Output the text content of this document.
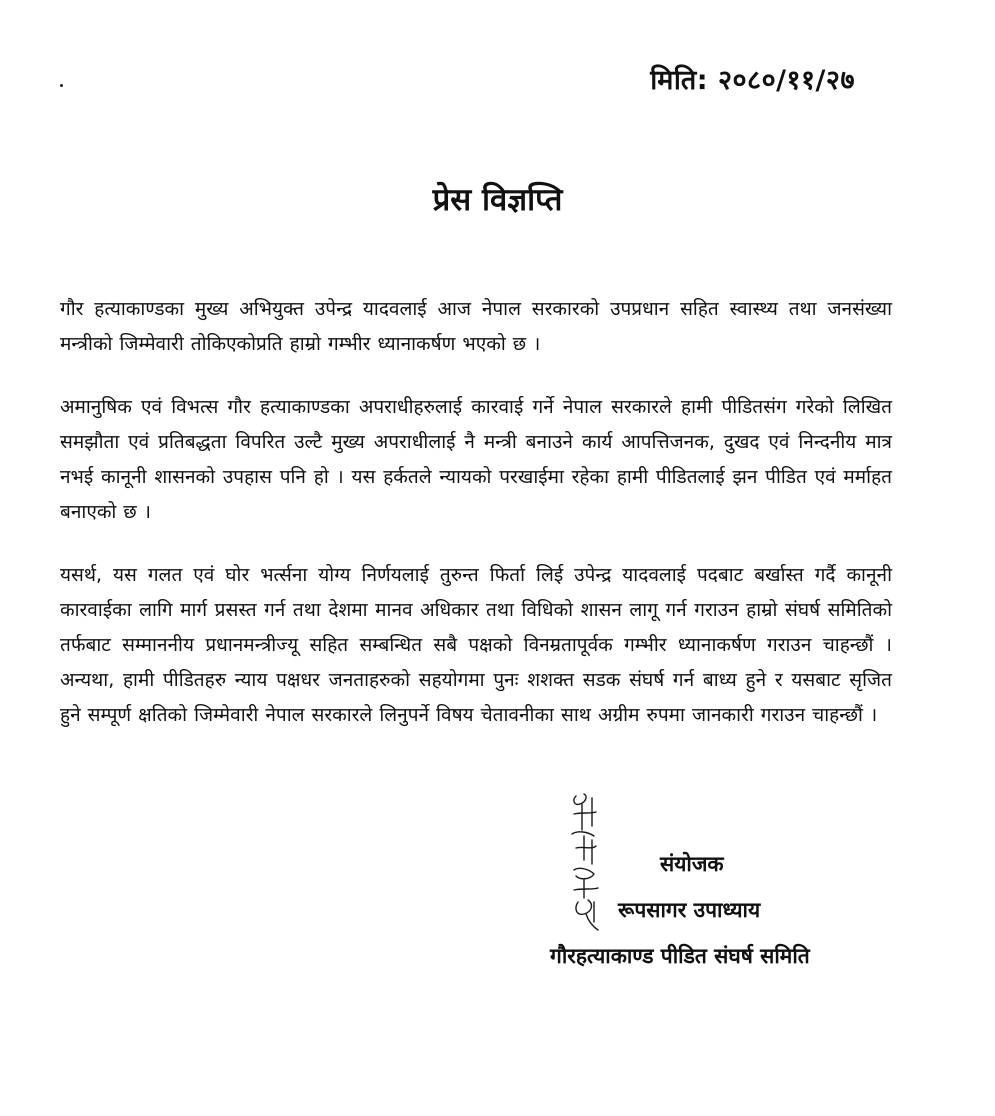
मिति: २०८०/११/२७
प्रेस विज्ञप्ति

गौर हत्याकाण्डका मुख्य अभियुक्त उपेन्द्र यादवलाई आज नेपाल सरकारको उपप्रधान सहित स्वास्थ्य तथा जनसंख्या मन्त्रीको जिम्मेवारी तोकिएकोप्रति हाम्रो गम्भीर ध्यानाकर्षण भएको छ ।

अमानुषिक एवं विभत्स गौर हत्याकाण्डका अपराधीहरुलाई कारवाई गर्ने नेपाल सरकारले हामी पीडितसंग गरेको लिखित समझौता एवं प्रतिबद्धता विपरित उल्टै मुख्य अपराधीलाई नै मन्त्री बनाउने कार्य आपत्तिजनक, दुखद एवं निन्दनीय मात्र नभई कानूनी शासनको उपहास पनि हो । यस हर्कतले न्यायको परखाईमा रहेका हामी पीडितलाई झन पीडित एवं मर्माहत बनाएको छ ।

यसर्थ, यस गलत एवं घोर भर्त्सना योग्य निर्णयलाई तुरुन्त फिर्ता लिई उपेन्द्र यादवलाई पदबाट बर्खास्त गर्दै कानूनी कारवाईका लागि मार्ग प्रसस्त गर्न तथा देशमा मानव अधिकार तथा विधिको शासन लागू गर्न गराउन हाम्रो संघर्ष समितिको तर्फबाट सम्माननीय प्रधानमन्त्रीज्यू सहित सम्बन्धित सबै पक्षको विनम्रतापूर्वक गम्भीर ध्यानाकर्षण गराउन चाहन्छौं । अन्यथा, हामी पीडितहरु न्याय पक्षधर जनताहरुको सहयोगमा पुनः शशक्त सडक संघर्ष गर्न बाध्य हुने र यसबाट सृजित हुने सम्पूर्ण क्षतिको जिम्मेवारी नेपाल सरकारले लिनुपर्ने विषय चेतावनीका साथ अग्रीम रुपमा जानकारी गराउन चाहन्छौं ।

संयोजक
रूपसागर उपाध्याय
गौरहत्याकाण्ड पीडित संघर्ष समिति
